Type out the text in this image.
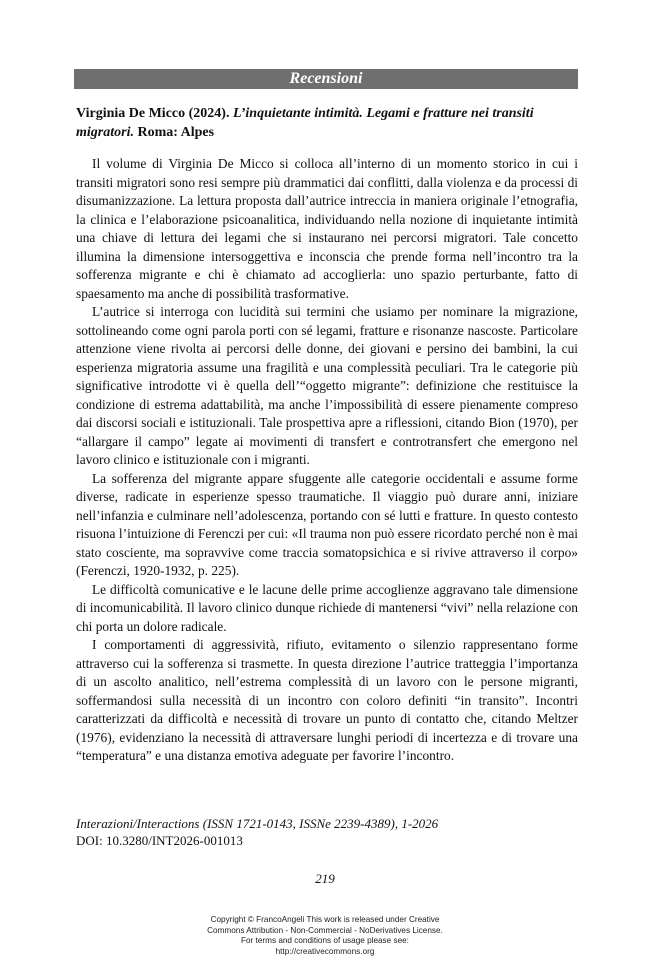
Recensioni
Virginia De Micco (2024). L’inquietante intimità. Legami e fratture nei transiti migratori. Roma: Alpes

Il volume di Virginia De Micco si colloca all’interno di un momento storico in cui i transiti migratori sono resi sempre più drammatici dai conflitti, dalla violenza e da processi di disumanizzazione. La lettura proposta dall’autrice intreccia in maniera originale l’etnografia, la clinica e l’elaborazione psicoanalitica, individuando nella nozione di inquietante intimità una chiave di lettura dei legami che si instaurano nei percorsi migratori. Tale concetto illumina la dimensione intersoggettiva e inconscia che prende forma nell’incontro tra la sofferenza migrante e chi è chiamato ad accoglierla: uno spazio perturbante, fatto di spaesamento ma anche di possibilità trasformative.

L’autrice si interroga con lucidità sui termini che usiamo per nominare la migrazione, sottolineando come ogni parola porti con sé legami, fratture e risonanze nascoste. Particolare attenzione viene rivolta ai percorsi delle donne, dei giovani e persino dei bambini, la cui esperienza migratoria assume una fragilità e una complessità peculiari. Tra le categorie più significative introdotte vi è quella dell’“oggetto migrante”: definizione che restituisce la condizione di estrema adattabilità, ma anche l’impossibilità di essere pienamente compreso dai discorsi sociali e istituzionali. Tale prospettiva apre a riflessioni, citando Bion (1970), per “allargare il campo” legate ai movimenti di transfert e controtransfert che emergono nel lavoro clinico e istituzionale con i migranti.

La sofferenza del migrante appare sfuggente alle categorie occidentali e assume forme diverse, radicate in esperienze spesso traumatiche. Il viaggio può durare anni, iniziare nell’infanzia e culminare nell’adolescenza, portando con sé lutti e fratture. In questo contesto risuona l’intuizione di Ferenczi per cui: «Il trauma non può essere ricordato perché non è mai stato cosciente, ma sopravvive come traccia somatopsichica e si rivive attraverso il corpo» (Ferenczi, 1920-1932, p. 225).

Le difficoltà comunicative e le lacune delle prime accoglienze aggravano tale dimensione di incomunicabilità. Il lavoro clinico dunque richiede di mantenersi “vivi” nella relazione con chi porta un dolore radicale.

I comportamenti di aggressività, rifiuto, evitamento o silenzio rappresentano forme attraverso cui la sofferenza si trasmette. In questa direzione l’autrice tratteggia l’importanza di un ascolto analitico, nell’estrema complessità di un lavoro con le persone migranti, soffermandosi sulla necessità di un incontro con coloro definiti “in transito”. Incontri caratterizzati da difficoltà e necessità di trovare un punto di contatto che, citando Meltzer (1976), evidenziano la necessità di attraversare lunghi periodi di incertezza e di trovare una “temperatura” e una distanza emotiva adeguate per favorire l’incontro.

Interazioni/Interactions (ISSN 1721-0143, ISSNe 2239-4389), 1-2026
DOI: 10.3280/INT2026-001013
219
Copyright © FrancoAngeli This work is released under Creative
Commons Attribution - Non-Commercial - NoDerivatives License.
For terms and conditions of usage please see:
http://creativecommons.org
